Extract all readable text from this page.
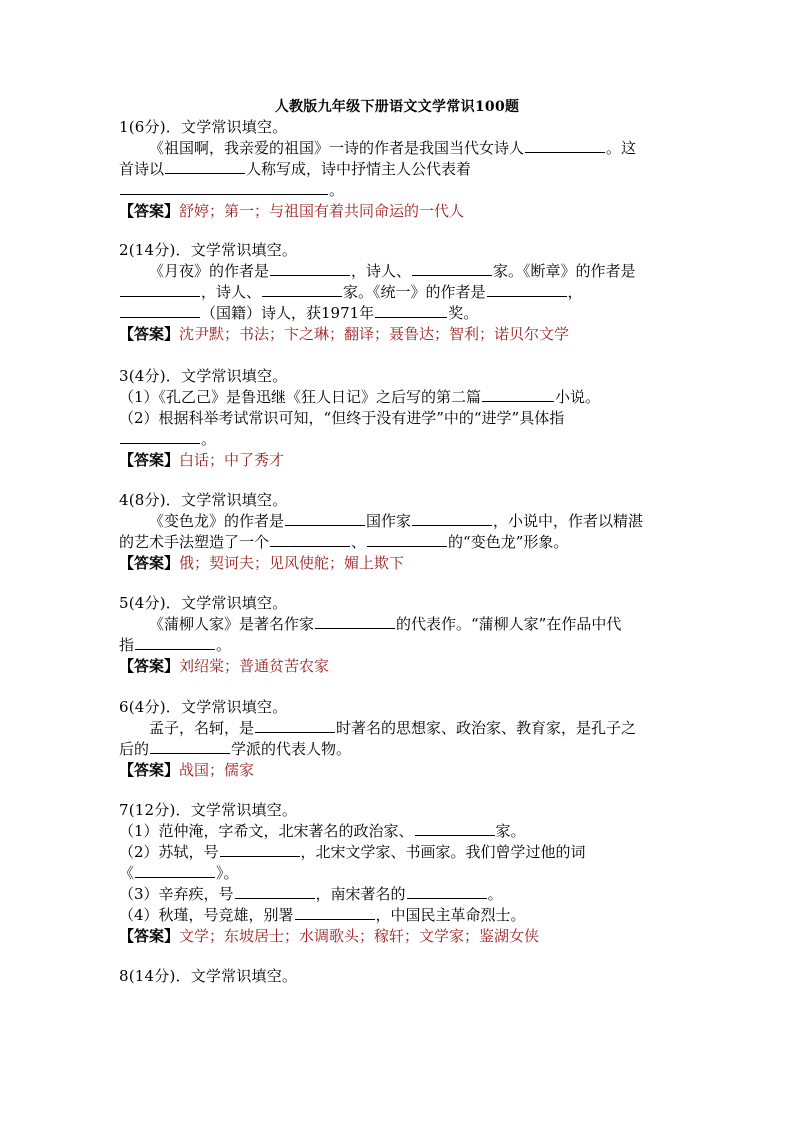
人教版九年级下册语文文学常识100题
1(6分)．文学常识填空。
《祖国啊，我亲爱的祖国》一诗的作者是我国当代女诗人	。这
首诗以	人称写成，诗中抒情主人公代表着
。
【答案】舒婷；第一；与祖国有着共同命运的一代人
2(14分)．文学常识填空。
《月夜》的作者是	，诗人、	家。《断章》的作者是
，诗人、	家。《统一》的作者是	，
（国籍）诗人，获1971年	奖。
【答案】沈尹默；书法；卞之琳；翻译；聂鲁达；智利；诺贝尔文学
3(4分)．文学常识填空。
（1）《孔乙己》是鲁迅继《狂人日记》之后写的第二篇	小说。
（2）根据科举考试常识可知，“但终于没有进学”中的“进学”具体指
。
【答案】白话；中了秀才
4(8分)．文学常识填空。
《变色龙》的作者是	国作家	，小说中，作者以精湛
的艺术手法塑造了一个	、	的“变色龙”形象。
【答案】俄；契诃夫；见风使舵；媚上欺下
5(4分)．文学常识填空。
《蒲柳人家》是著名作家	的代表作。“蒲柳人家”在作品中代
指	。
【答案】刘绍棠；普通贫苦农家
6(4分)．文学常识填空。
孟子，名轲，是	时著名的思想家、政治家、教育家，是孔子之
后的	学派的代表人物。
【答案】战国；儒家
7(12分)．文学常识填空。
（1）范仲淹，字希文，北宋著名的政治家、	家。
（2）苏轼，号	，北宋文学家、书画家。我们曾学过他的词
《	》。
（3）辛弃疾，号	，南宋著名的	。
（4）秋瑾，号竞雄，别署	，中国民主革命烈士。
【答案】文学；东坡居士；水调歌头；稼轩；文学家；鉴湖女侠
8(14分)．文学常识填空。
